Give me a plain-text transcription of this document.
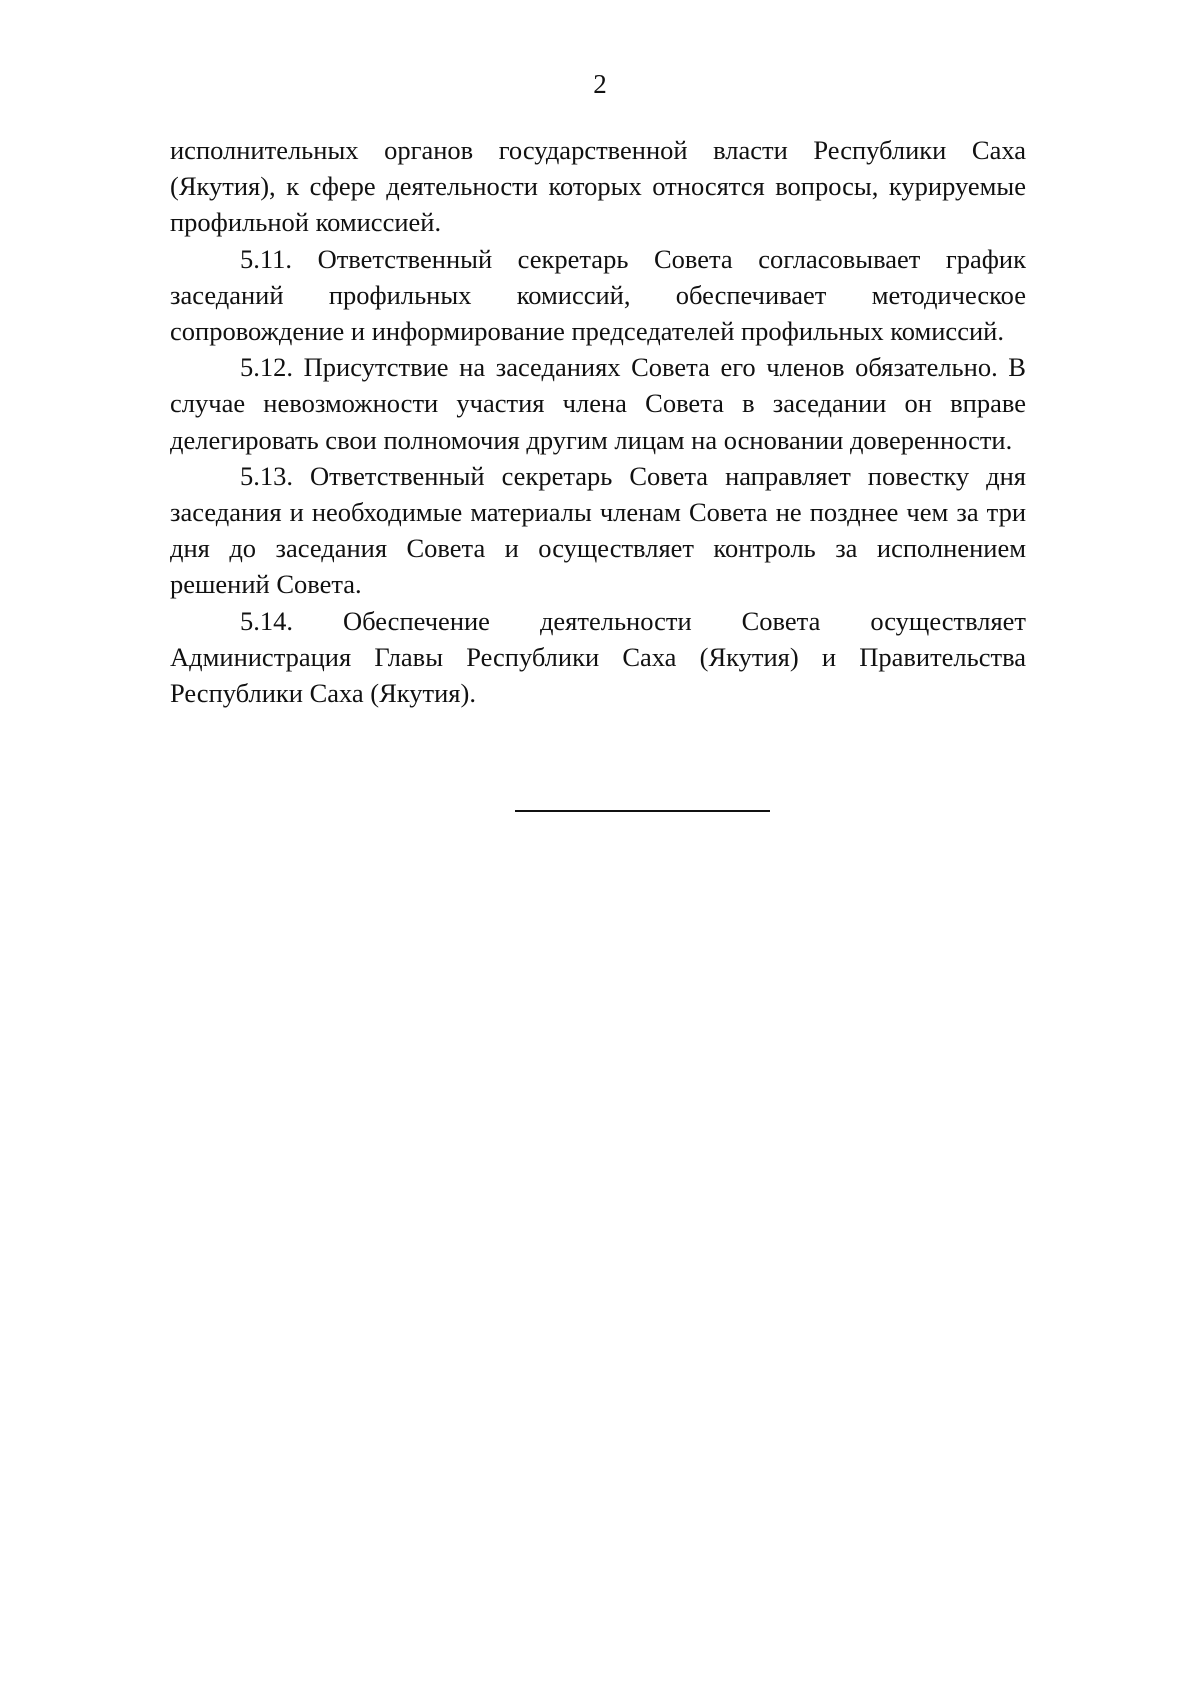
2

исполнительных органов государственной власти Республики Саха (Якутия), к сфере деятельности которых относятся вопросы, курируемые профильной комиссией.

5.11. Ответственный секретарь Совета согласовывает график заседаний профильных комиссий, обеспечивает методическое сопровождение и информирование председателей профильных комиссий.

5.12. Присутствие на заседаниях Совета его членов обязательно. В случае невозможности участия члена Совета в заседании он вправе делегировать свои полномочия другим лицам на основании доверенности.

5.13. Ответственный секретарь Совета направляет повестку дня заседания и необходимые материалы членам Совета не позднее чем за три дня до заседания Совета и осуществляет контроль за исполнением решений Совета.

5.14. Обеспечение деятельности Совета осуществляет Администрация Главы Республики Саха (Якутия) и Правительства Республики Саха (Якутия).
